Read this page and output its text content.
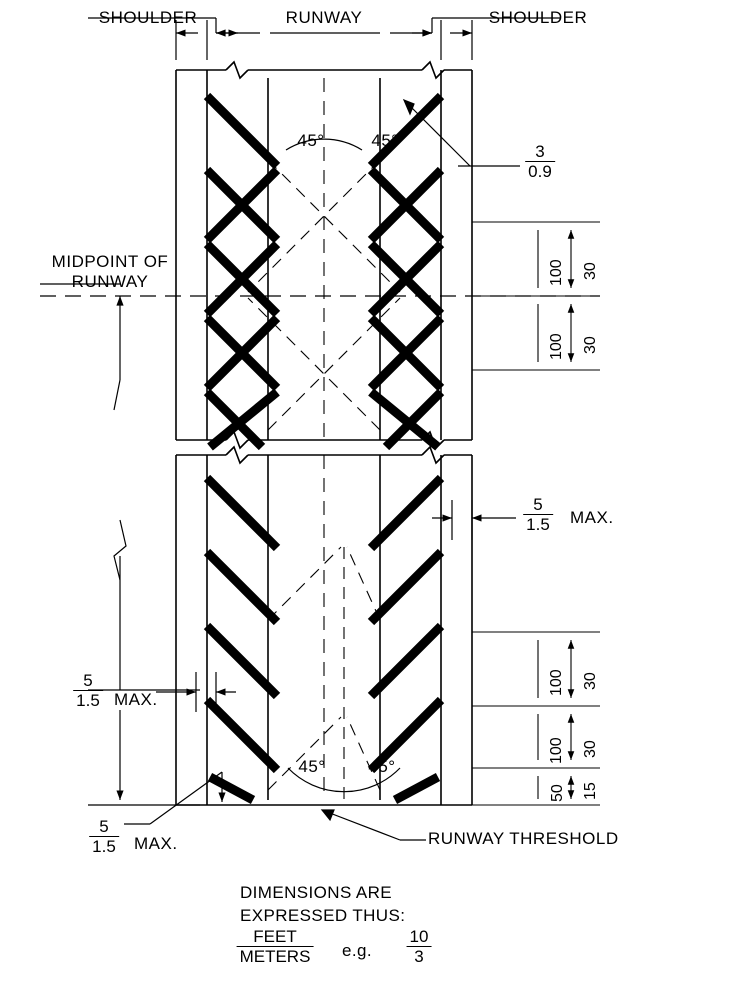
SHOULDER	RUNWAY	SHOULDER
MIDPOINT OF
RUNWAY
45°	45°
45°	45°
$\frac{3}{0.9}$
$\frac{5}{1.5}$ MAX.
$\frac{5}{1.5}$ MAX.
$\frac{5}{1.5}$ MAX.
100 30
100 30
100 30
100 30
50 15
RUNWAY THRESHOLD
DIMENSIONS ARE
EXPRESSED THUS:
FEET
METERS e.g. $\frac{10}{3}$
